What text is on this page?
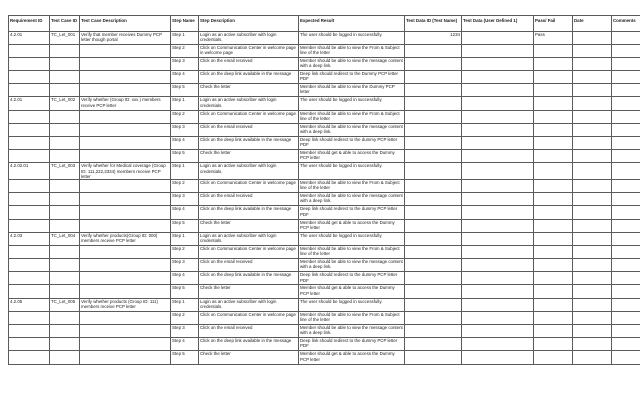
Requirement ID	Test Case ID	Test Case Description	Step Name	Step Description	Expected Result	Test Data ID (Test Name)	Test Data (User Defined 1)	Pass/ Fail	Date	Comments
4.2.01	TC_Let_001	Verify that member receives Dummy PCP letter though portal	Step 1	Login as an active subscriber with login credentials.	The user should be logged in successfully.	1234		Pass		
			Step 2	Click on Communication Center in welcome page in welcome page	Member should be able to view the From & Subject line of the letter					
			Step 3	Click on the email received	Member should be able to view the message content with a deep link.					
			Step 4	Click on the deep link available in the message	Deep link should redirect to the Dummy PCP letter PDF					
			Step 5	Check the letter	Member should be able to view the Dummy PCP letter					
4.2.01	TC_Let_002	Verify whether (Group ID: xxx ) members receive PCP letter	Step 1	Login as an active subscriber with login credentials.	The user should be logged in successfully.					
			Step 2	Click on Communication Center in welcome page	Member should be able to view the From & Subject line of the letter					
			Step 3	Click on the email received	Member should be able to view the message content with a deep link.					
			Step 4	Click on the deep link available in the message	Deep link should redirect to the dummy PCP letter PDF					
			Step 5	Check the letter	Member should get & able to access the Dummy PCP letter					
4.2.02.01	TC_Let_003	Verify whether for Medical coverage (Group ID: 111,222,3334) members receive PCP letter	Step 1	Login as an active subscriber with login credentials.	The user should be logged in successfully.					
			Step 2	Click on Communication Center in welcome page	Member should be able to view the From & Subject line of the letter					
			Step 3	Click on the email received	Member should be able to view the message content with a deep link.					
			Step 4	Click on the deep link available in the message	Deep link should redirect to the dummy PCP letter PDF					
			Step 5	Check the letter	Member should get & able to access the Dummy PCP letter					
4.2.03	TC_Let_004	Verify whether products(Group ID: 000) members receive PCP letter	Step 1	Login as an active subscriber with login credentials.	The user should be logged in successfully.					
			Step 2	Click on Communication Center in welcome page	Member should be able to view the From & Subject line of the letter					
			Step 3	Click on the email received	Member should be able to view the message content with a deep link.					
			Step 4	Click on the deep link available in the message	Deep link should redirect to the dummy PCP letter PDF					
			Step 5	Check the letter	Member should get & able to access the Dummy PCP letter					
4.2.05	TC_Let_005	Verify whether products (Group ID: 111) members receive PCP letter	Step 1	Login as an active subscriber with login credentials.	The user should be logged in successfully.					
			Step 2	Click on Communication Center in welcome page	Member should be able to view the From & Subject line of the letter					
			Step 3	Click on the email received	Member should be able to view the message content with a deep link.					
			Step 4	Click on the deep link available in the message	Deep link should redirect to the dummy PCP letter PDF					
			Step 5	Check the letter	Member should get & able to access the Dummy PCP letter					
